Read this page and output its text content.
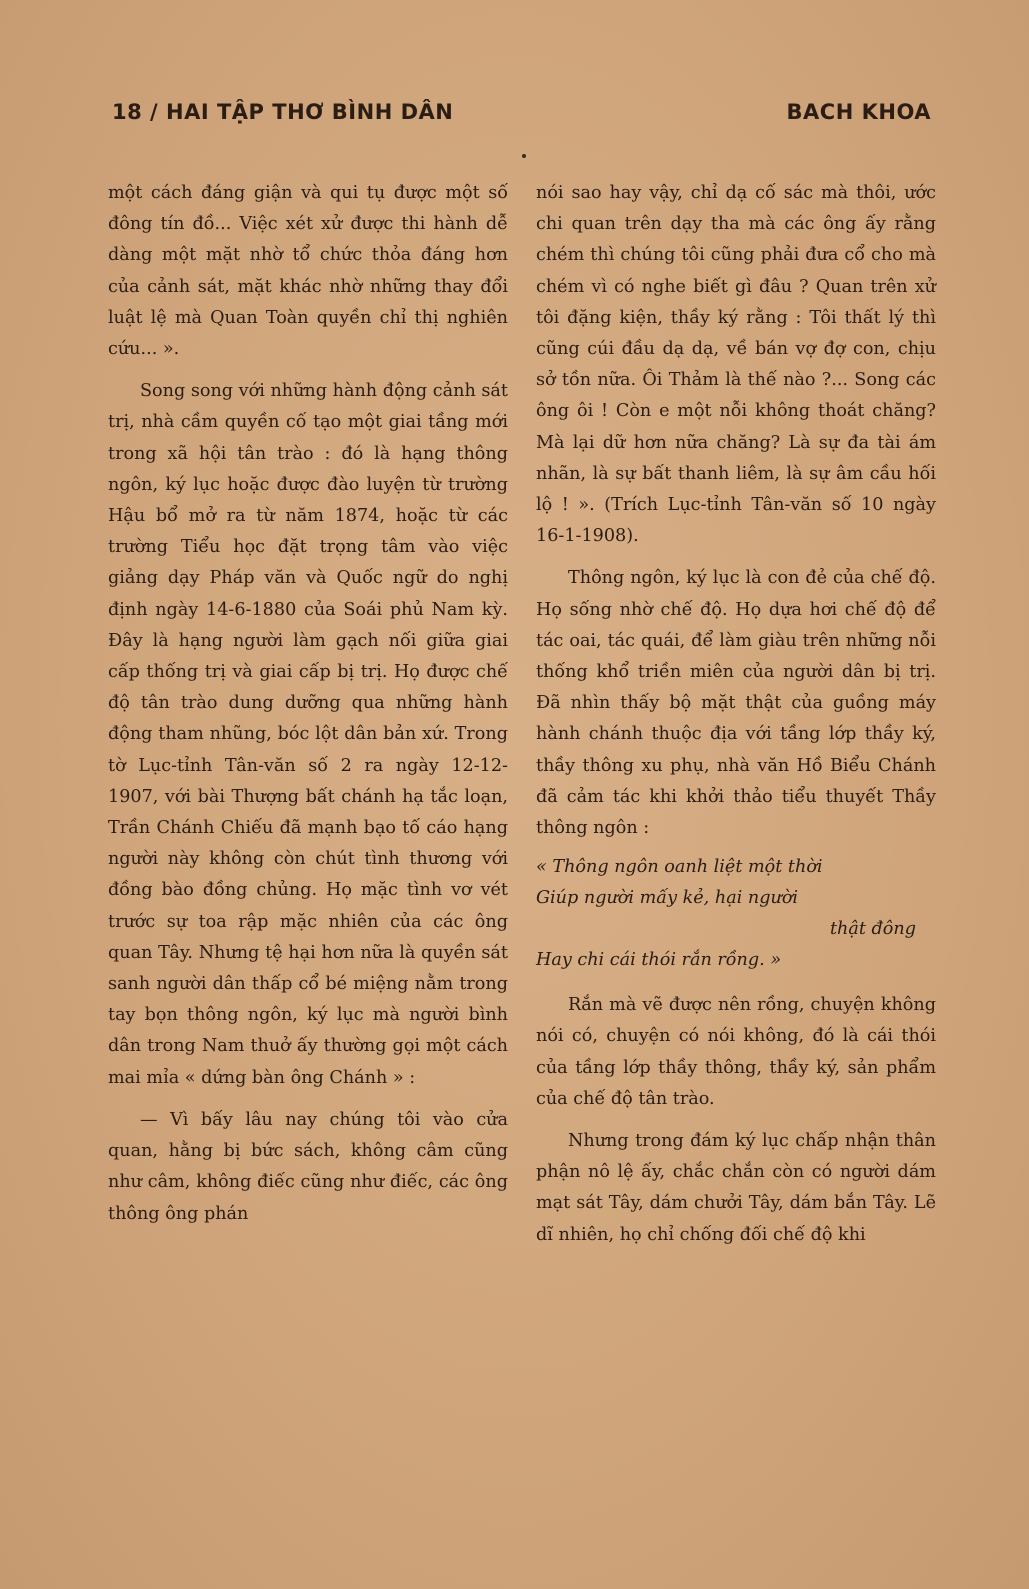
18 / HAI TẬP THƠ BÌNH DÂN	BACH KHOA

một cách đáng giận và qui tụ được một số đông tín đồ... Việc xét xử được thi hành dễ dàng một mặt nhờ tổ chức thỏa đáng hơn của cảnh sát, mặt khác nhờ những thay đổi luật lệ mà Quan Toàn quyền chỉ thị nghiên cứu... ».

Song song với những hành động cảnh sát trị, nhà cầm quyền cố tạo một giai tầng mới trong xã hội tân trào : đó là hạng thông ngôn, ký lục hoặc được đào luyện từ trường Hậu bổ mở ra từ năm 1874, hoặc từ các trường Tiểu học đặt trọng tâm vào việc giảng dạy Pháp văn và Quốc ngữ do nghị định ngày 14-6-1880 của Soái phủ Nam kỳ. Đây là hạng người làm gạch nối giữa giai cấp thống trị và giai cấp bị trị. Họ được chế độ tân trào dung dưỡng qua những hành động tham nhũng, bóc lột dân bản xứ. Trong tờ Lục-tỉnh Tân-văn số 2 ra ngày 12-12-1907, với bài Thượng bất chánh hạ tắc loạn, Trần Chánh Chiếu đã mạnh bạo tố cáo hạng người này không còn chút tình thương với đồng bào đồng chủng. Họ mặc tình vơ vét trước sự toa rập mặc nhiên của các ông quan Tây. Nhưng tệ hại hơn nữa là quyền sát sanh người dân thấp cổ bé miệng nằm trong tay bọn thông ngôn, ký lục mà người bình dân trong Nam thuở ấy thường gọi một cách mai mỉa « dứng bàn ông Chánh » :

— Vì bấy lâu nay chúng tôi vào cửa quan, hằng bị bức sách, không câm cũng như câm, không điếc cũng như điếc, các ông thông ông phán

nói sao hay vậy, chỉ dạ cố sác mà thôi, ước chi quan trên dạy tha mà các ông ấy rằng chém thì chúng tôi cũng phải đưa cổ cho mà chém vì có nghe biết gì đâu ? Quan trên xử tôi đặng kiện, thầy ký rằng : Tôi thất lý thì cũng cúi đầu dạ dạ, về bán vợ đợ con, chịu sở tồn nữa. Ôi Thảm là thế nào ?... Song các ông ôi ! Còn e một nỗi không thoát chăng? Mà lại dữ hơn nữa chăng? Là sự đa tài ám nhãn, là sự bất thanh liêm, là sự âm cầu hối lộ ! ». (Trích Lục-tỉnh Tân-văn số 10 ngày 16-1-1908).

Thông ngôn, ký lục là con đẻ của chế độ. Họ sống nhờ chế độ. Họ dựa hơi chế độ để tác oai, tác quái, để làm giàu trên những nỗi thống khổ triền miên của người dân bị trị. Đã nhìn thấy bộ mặt thật của guồng máy hành chánh thuộc địa với tầng lớp thầy ký, thầy thông xu phụ, nhà văn Hồ Biểu Chánh đã cảm tác khi khởi thảo tiểu thuyết Thầy thông ngôn :

« Thông ngôn oanh liệt một thời
Giúp người mấy kẻ, hại người
thật đông
Hay chi cái thói rắn rồng. »

Rắn mà vẽ được nên rồng, chuyện không nói có, chuyện có nói không, đó là cái thói của tầng lớp thầy thông, thầy ký, sản phẩm của chế độ tân trào.

Nhưng trong đám ký lục chấp nhận thân phận nô lệ ấy, chắc chắn còn có người dám mạt sát Tây, dám chưởi Tây, dám bắn Tây. Lẽ dĩ nhiên, họ chỉ chống đối chế độ khi
